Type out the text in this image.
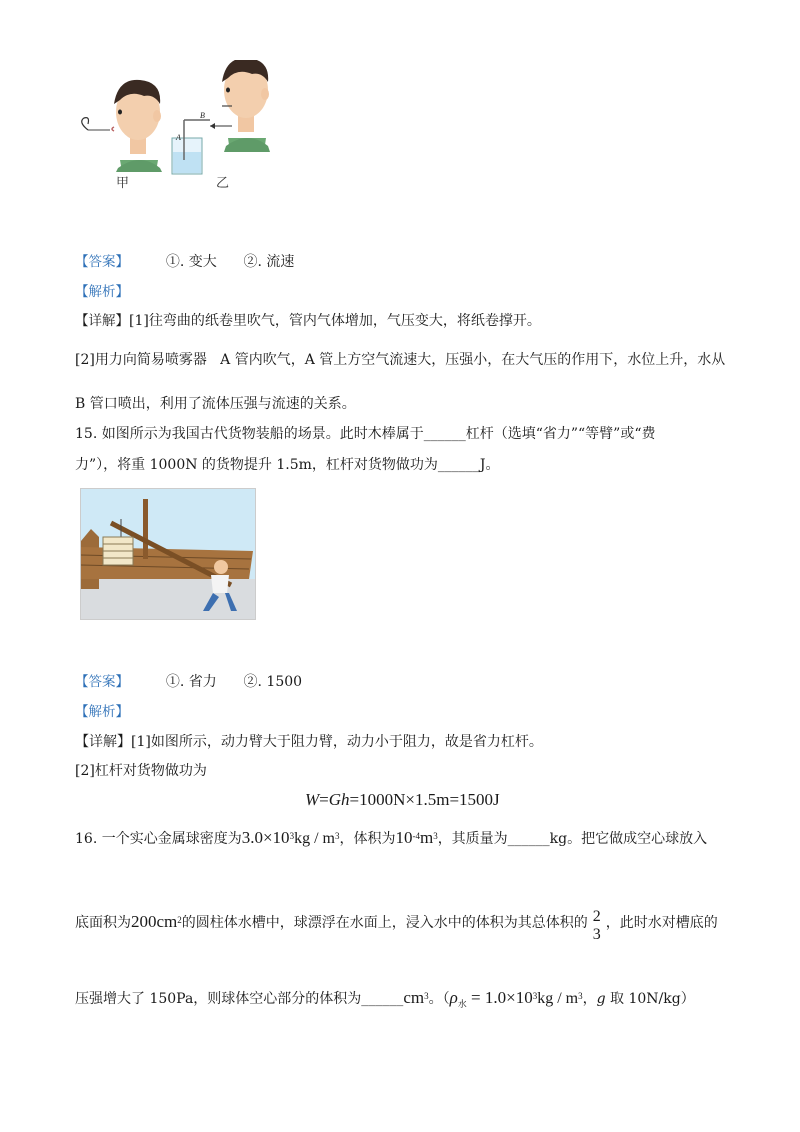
B
A
甲	乙
【答案】	①. 变大      ②. 流速
【解析】
【详解】[1]往弯曲的纸卷里吹气，管内气体增加，气压变大，将纸卷撑开。
[2]用力向简易喷雾器   A 管内吹气，A 管上方空气流速大，压强小，在大气压的作用下，水位上升，水从
B 管口喷出，利用了流体压强与流速的关系。
15. 如图所示为我国古代货物装船的场景。此时木棒属于______杠杆（选填“省力”“等臂”或“费
力”），将重 1000N 的货物提升 1.5m，杠杆对货物做功为______J。
【答案】	①. 省力      ②. 1500
【解析】
【详解】[1]如图所示，动力臂大于阻力臂，动力小于阻力，故是省力杠杆。
[2]杠杆对货物做功为
W=Gh=1000N×1.5m=1500J
16. 一个实心金属球密度为$3.0\times 10^3kg / m^3$，体积为$10^{-4}m^3$，其质量为______kg。把它做成空心球放入
底面积为$200cm^2$的圆柱体水槽中，球漂浮在水面上，浸入水中的体积为其总体积的 2
3
，此时水对槽底的
压强增大了 150Pa，则球体空心部分的体积为$\_\_\_\_\_\_cm^3$。（$\rho_水 = 1.0\times 10^3kg / m^3$，g 取 10N/kg）
